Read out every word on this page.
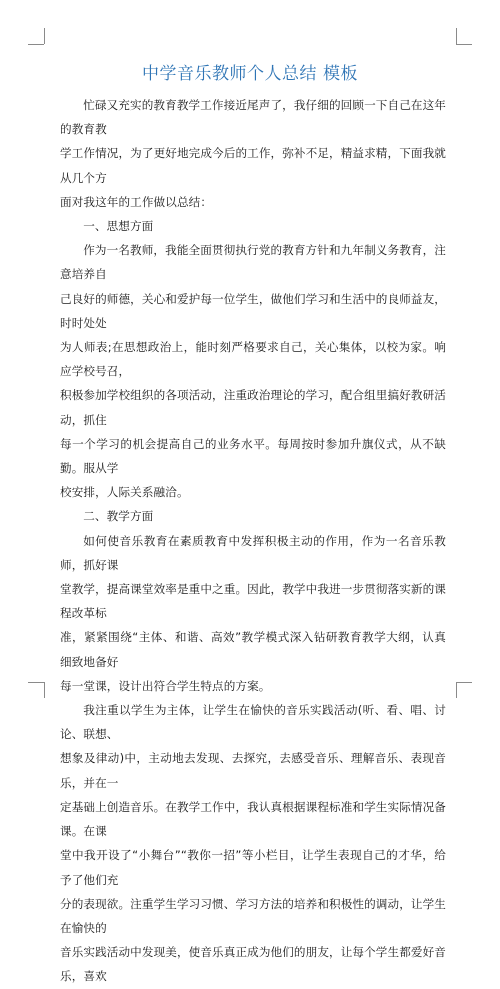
中学音乐教师个人总结 模板

忙碌又充实的教育教学工作接近尾声了，我仔细的回顾一下自己在这年的教育教
学工作情况，为了更好地完成今后的工作，弥补不足，精益求精，下面我就从几个方
面对我这年的工作做以总结：

一、思想方面

作为一名教师，我能全面贯彻执行党的教育方针和九年制义务教育，注意培养自
己良好的师德，关心和爱护每一位学生，做他们学习和生活中的良师益友，时时处处
为人师表;在思想政治上，能时刻严格要求自己，关心集体，以校为家。响应学校号召，
积极参加学校组织的各项活动，注重政治理论的学习，配合组里搞好教研活动，抓住
每一个学习的机会提高自己的业务水平。每周按时参加升旗仪式，从不缺勤。服从学
校安排，人际关系融洽。

二、教学方面

如何使音乐教育在素质教育中发挥积极主动的作用，作为一名音乐教师，抓好课
堂教学，提高课堂效率是重中之重。因此，教学中我进一步贯彻落实新的课程改革标
准，紧紧围绕“主体、和谐、高效”教学模式深入钻研教育教学大纲，认真细致地备好
每一堂课，设计出符合学生特点的方案。

我注重以学生为主体，让学生在愉快的音乐实践活动(听、看、唱、讨论、联想、
想象及律动)中，主动地去发现、去探究，去感受音乐、理解音乐、表现音乐，并在一
定基础上创造音乐。在教学工作中，我认真根据课程标准和学生实际情况备课。在课
堂中我开设了“小舞台”“教你一招”等小栏目，让学生表现自己的才华，给予了他们充
分的表现欲。注重学生学习习惯、学习方法的培养和积极性的调动，让学生在愉快的
音乐实践活动中发现美，使音乐真正成为他们的朋友，让每个学生都爱好音乐，喜欢
